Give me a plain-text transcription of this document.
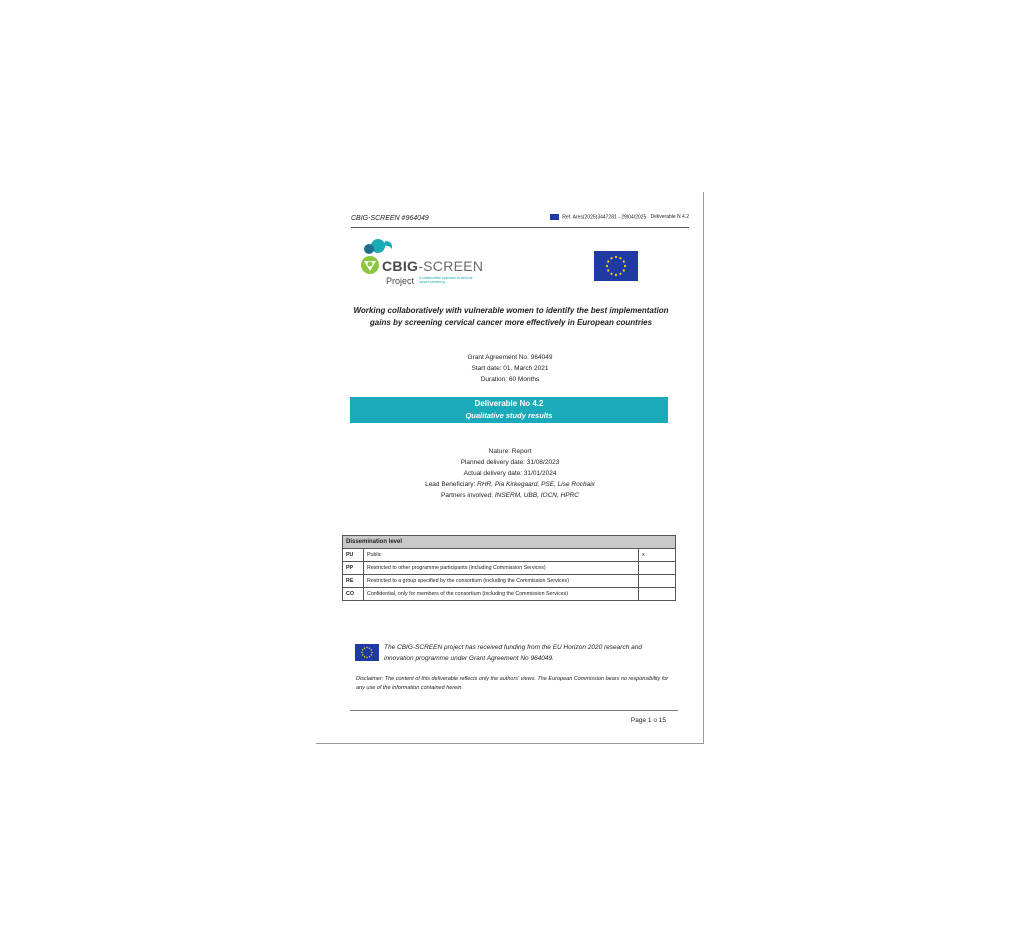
CBIG-SCREEN #964049	Ref. Ares(2025)3447281 - 29/04/2025 Deliverable N 4.2
CBIG-SCREEN
Project A collaborative approach to cervical cancer screening
Working collaboratively with vulnerable women to identify the best implementation gains by screening cervical cancer more effectively in European countries
Grant Agreement No. 964049
Start date: 01. March 2021
Duration: 60 Months
Deliverable No 4.2
Qualitative study results
Nature: Report
Planned delivery date: 31/08/2023
Actual delivery date: 31/01/2024
Lead Beneficiary: RHR, Pia Kirkegaard, PSE, Lise Rochaix
Partners involved: INSERM, UBB, IOCN, HPRC
Dissemination level		
PU	Public	x
PP	Restricted to other programme participants (including Commission Services)	
RE	Restricted to a group specified by the consortium (including the Commission Services)	
CO	Confidential, only for members of the consortium (including the Commission Services)	
The CBIG-SCREEN project has received funding from the EU Horizon 2020 research and innovation programme under Grant Agreement No 964049.
Disclaimer: The content of this deliverable reflects only the authors' views. The European Commission bears no responsibility for any use of the information contained herein.
Page 1 o 15
